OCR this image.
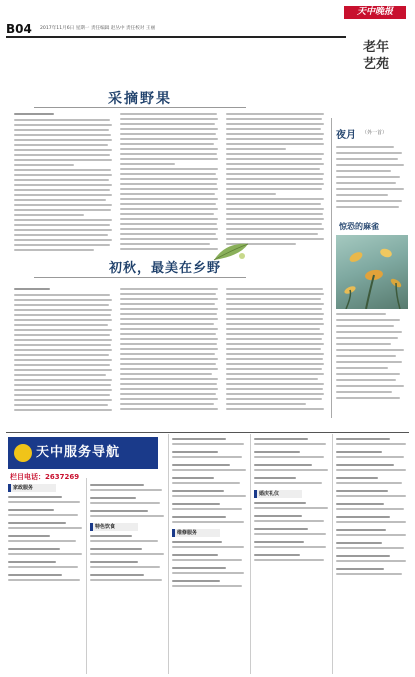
天中晚报
B04 2017年11月6日 星期一 责任编辑 赵丛中 责任校对 王丽
老年
艺苑
采摘野果
夜月 （外一首）
惊恐的麻雀
初秋，最美在乡野
天中服务导航
栏目电话：2637269
家政服务
特色饮食
维修服务
婚庆礼仪
